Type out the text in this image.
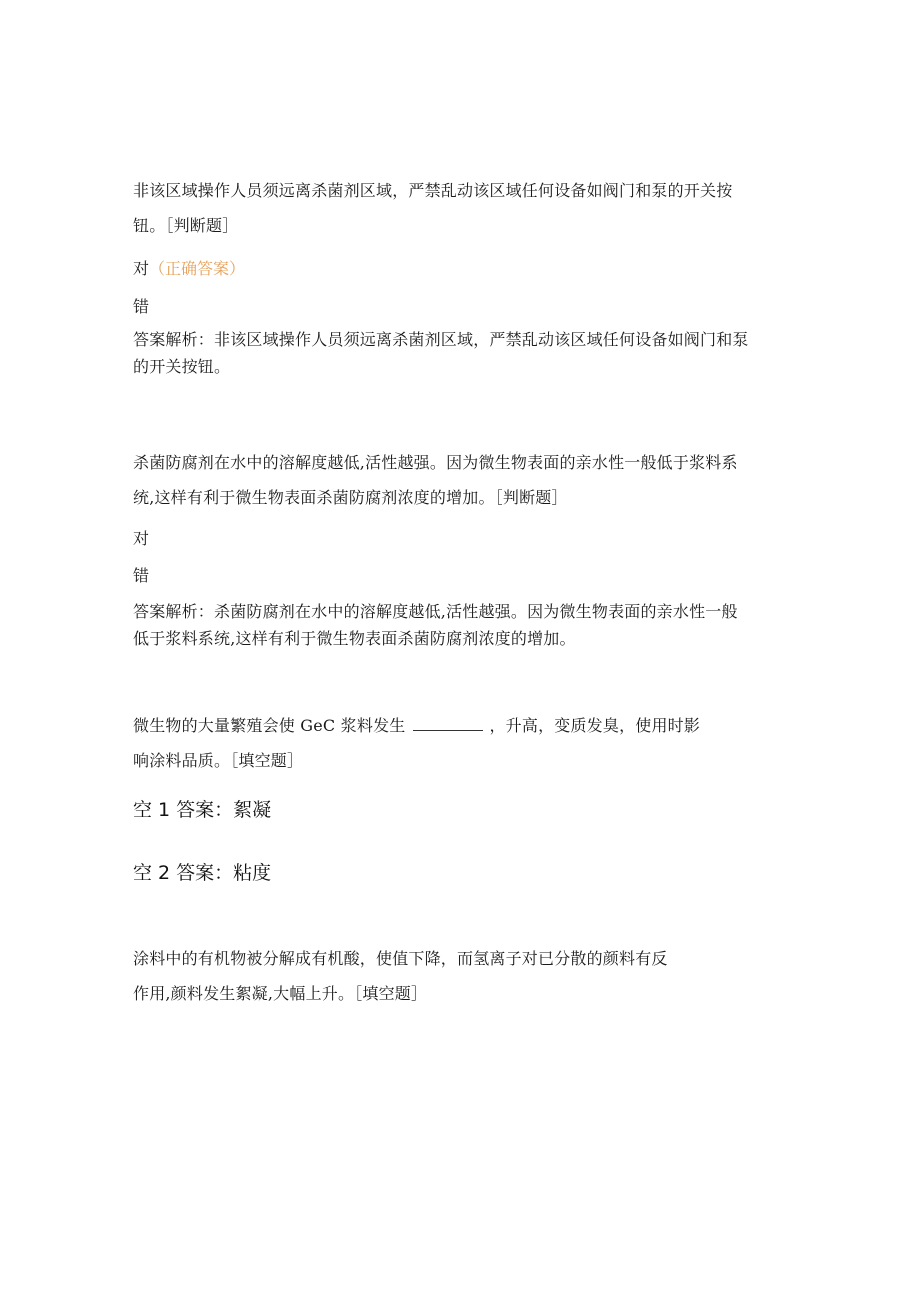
非该区域操作人员须远离杀菌剂区域，严禁乱动该区域任何设备如阀门和泵的开关按
钮。［判断题］

对（正确答案）

错

答案解析：非该区域操作人员须远离杀菌剂区域，严禁乱动该区域任何设备如阀门和泵
的开关按钮。

杀菌防腐剂在水中的溶解度越低,活性越强。因为微生物表面的亲水性一般低于浆料系
统,这样有利于微生物表面杀菌防腐剂浓度的增加。［判断题］

对

错

答案解析：杀菌防腐剂在水中的溶解度越低,活性越强。因为微生物表面的亲水性一般
低于浆料系统,这样有利于微生物表面杀菌防腐剂浓度的增加。

微生物的大量繁殖会使 GeC 浆料发生	，升高，变质发臭，使用时影
响涂料品质。［填空题］

空 1 答案：絮凝
空 2 答案：粘度

涂料中的有机物被分解成有机酸，使值下降，而氢离子对已分散的颜料有反
作用,颜料发生絮凝,大幅上升。［填空题］
